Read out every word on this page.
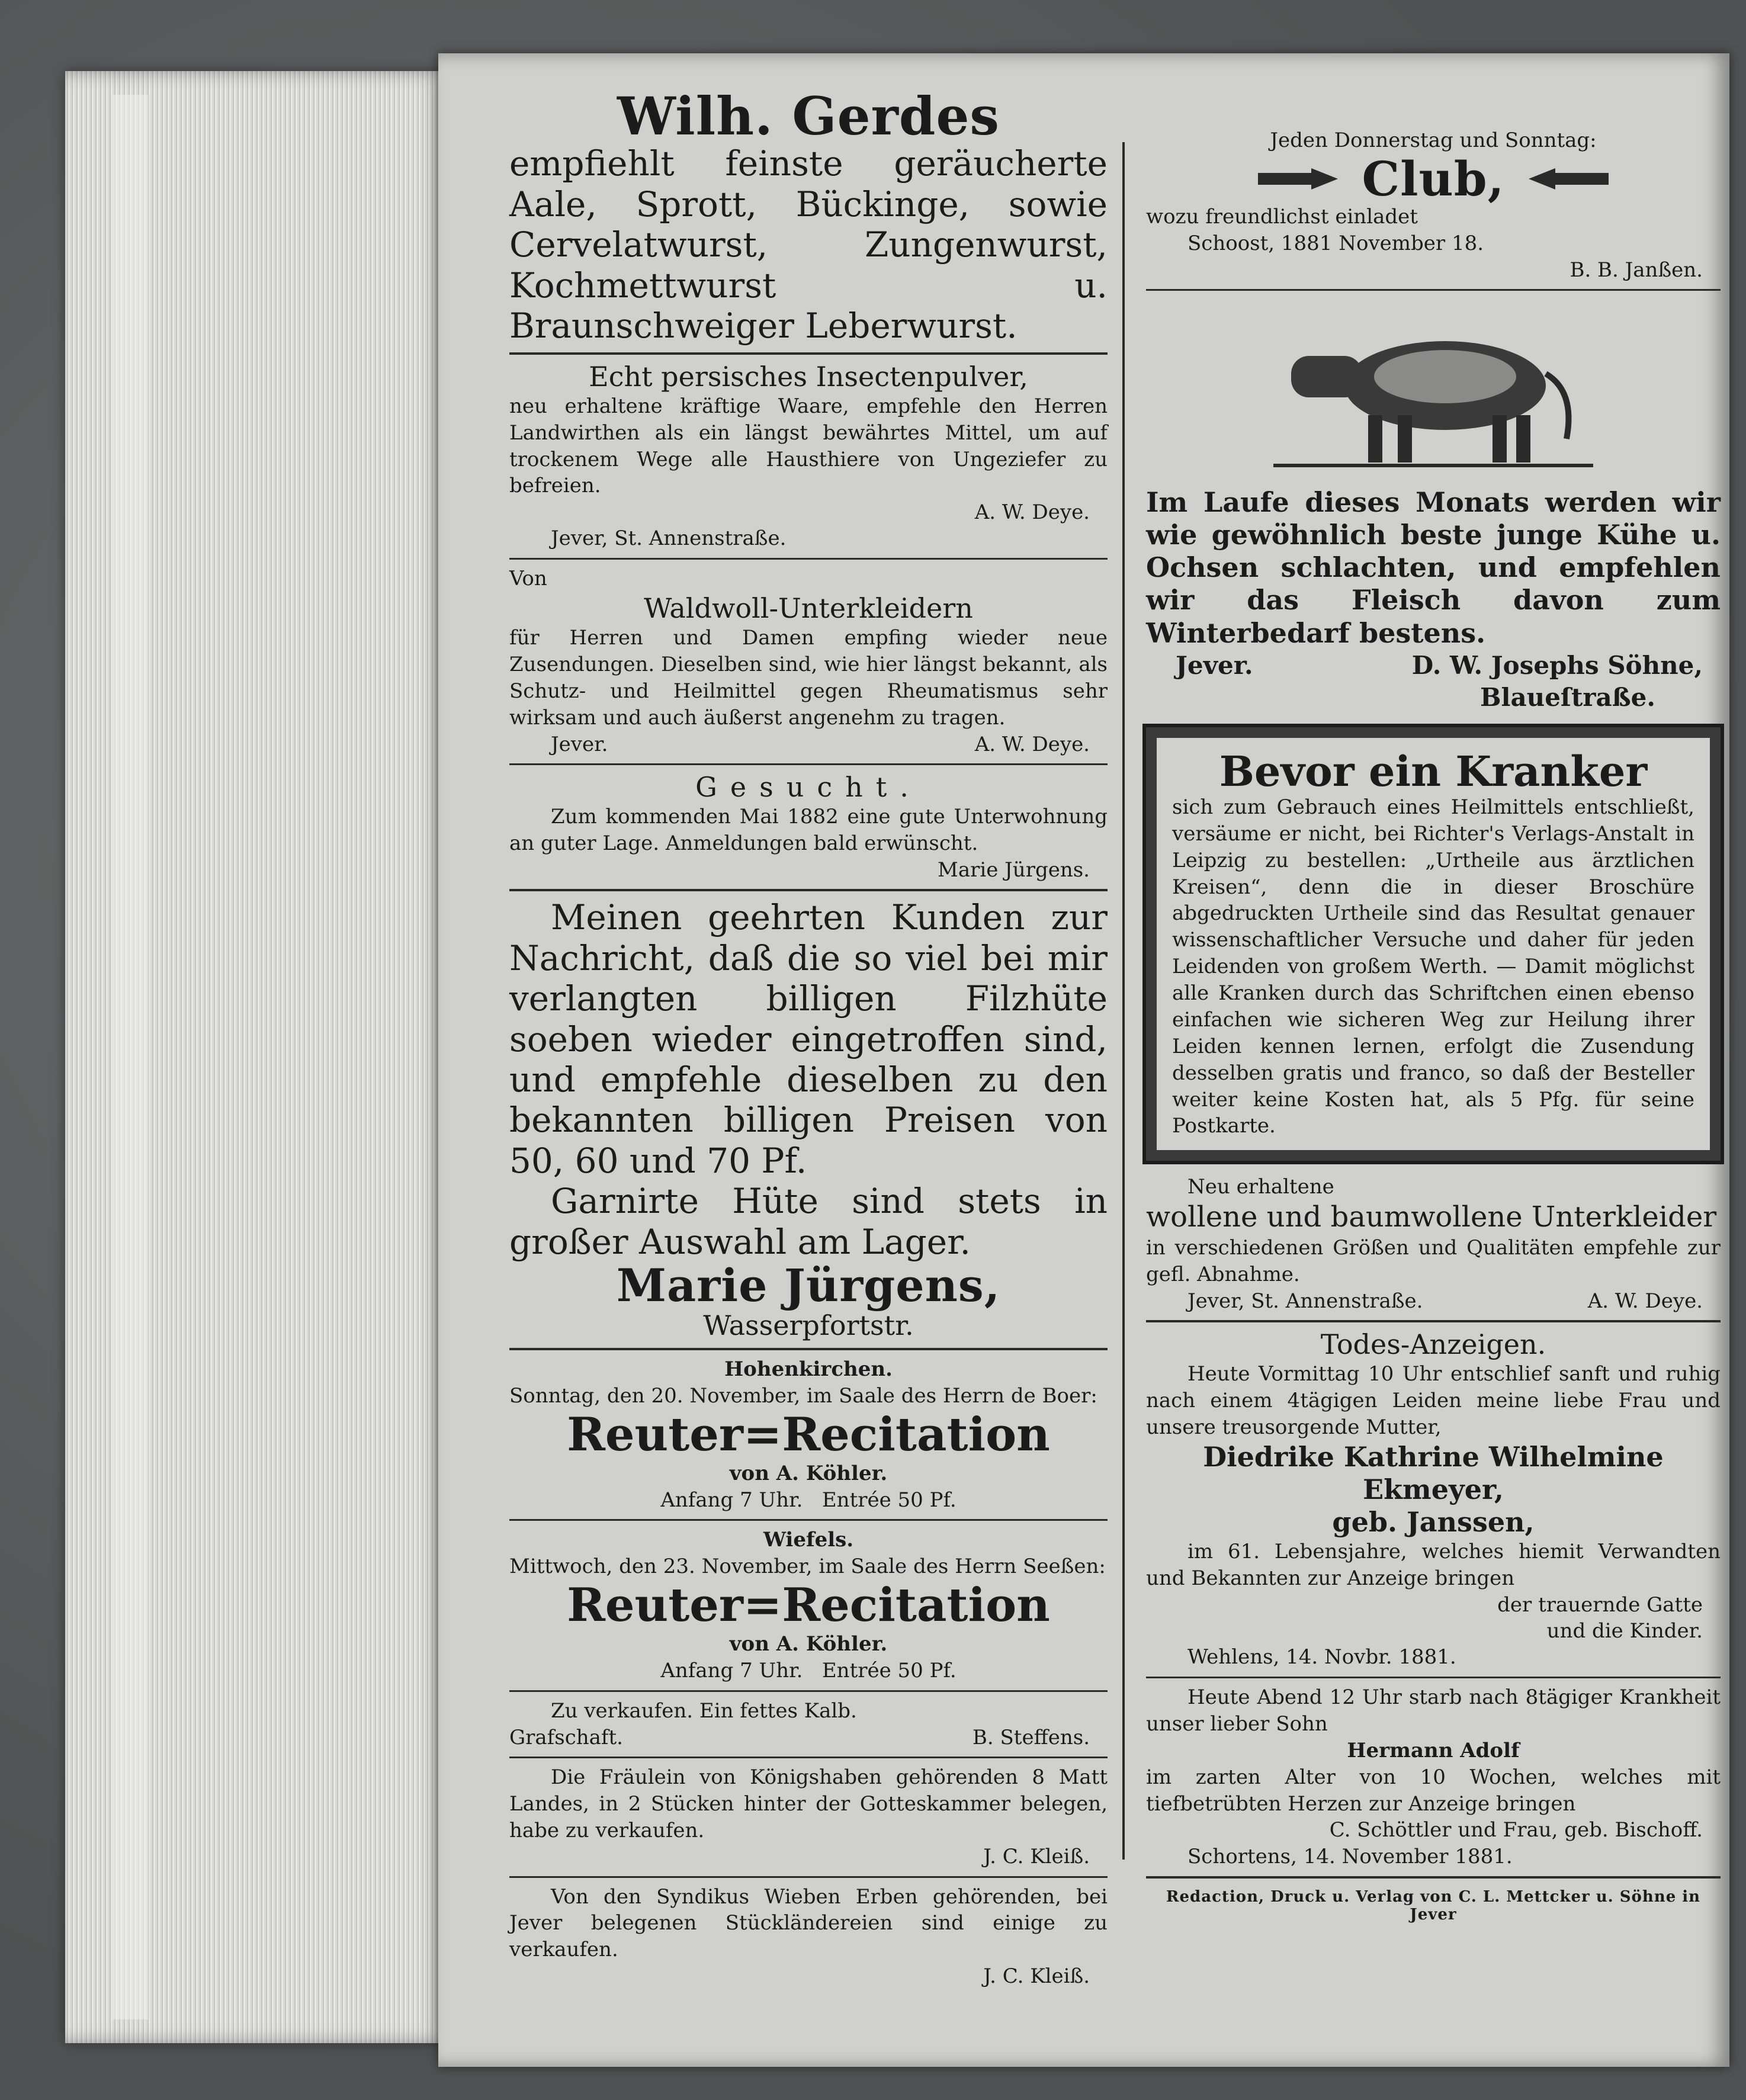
Wilh. Gerdes
empfiehlt feinste geräucherte Aale, Sprott, Bückinge, sowie Cervelatwurst, Zungenwurst, Kochmettwurst u. Braunschweiger Leberwurst.
Echt persisches Insectenpulver,
neu erhaltene kräftige Waare, empfehle den Herren Landwirthen als ein längst bewährtes Mittel, um auf trockenem Wege alle Hausthiere von Ungeziefer zu befreien.
A. W. Deye.
Jever, St. Annenstraße.
Von
Waldwoll-Unterkleidern
für Herren und Damen empfing wieder neue Zusendungen. Dieselben sind, wie hier längst bekannt, als Schutz- und Heilmittel gegen Rheumatismus sehr wirksam und auch äußerst angenehm zu tragen.
Jever.	A. W. Deye.
Gesucht.
Zum kommenden Mai 1882 eine gute Unterwohnung an guter Lage. Anmeldungen bald erwünscht.
Marie Jürgens.
Meinen geehrten Kunden zur Nachricht, daß die so viel bei mir verlangten billigen Filzhüte soeben wieder eingetroffen sind, und empfehle dieselben zu den bekannten billigen Preisen von 50, 60 und 70 Pf.
Garnirte Hüte sind stets in großer Auswahl am Lager.
Marie Jürgens,
Wasserpfortstr.
Hohenkirchen.
Sonntag, den 20. November, im Saale des Herrn de Boer:
Reuter=Recitation
von A. Köhler.
Anfang 7 Uhr. Entrée 50 Pf.
Wiefels.
Mittwoch, den 23. November, im Saale des Herrn Seeßen:
Reuter=Recitation
von A. Köhler.
Anfang 7 Uhr. Entrée 50 Pf.
Zu verkaufen. Ein fettes Kalb.
Grafschaft.	B. Steffens.
Die Fräulein von Königshaben gehörenden 8 Matt Landes, in 2 Stücken hinter der Gotteskammer belegen, habe zu verkaufen.
J. C. Kleiß.
Von den Syndikus Wieben Erben gehörenden, bei Jever belegenen Stückländereien sind einige zu verkaufen.
J. C. Kleiß.
Jeden Donnerstag und Sonntag:
Club,
wozu freundlichst einladet
Schoost, 1881 November 18.
B. B. Janßen.
Im Laufe dieses Monats werden wir wie gewöhnlich beste junge Kühe u. Ochsen schlachten, und empfehlen wir das Fleisch davon zum Winterbedarf bestens.
Jever.	D. W. Josephs Söhne,
Blaueſtraße.
Bevor ein Kranker
sich zum Gebrauch eines Heilmittels entschließt, versäume er nicht, bei Richter's Verlags-Anstalt in Leipzig zu bestellen: „Urtheile aus ärztlichen Kreisen“, denn die in dieser Broschüre abgedruckten Urtheile sind das Resultat genauer wissenschaftlicher Versuche und daher für jeden Leidenden von großem Werth. — Damit möglichst alle Kranken durch das Schriftchen einen ebenso einfachen wie sicheren Weg zur Heilung ihrer Leiden kennen lernen, erfolgt die Zusendung desselben gratis und franco, so daß der Besteller weiter keine Kosten hat, als 5 Pfg. für seine Postkarte.
Neu erhaltene
wollene und baumwollene Unterkleider
in verschiedenen Größen und Qualitäten empfehle zur gefl. Abnahme.
Jever, St. Annenstraße.	A. W. Deye.
Todes-Anzeigen.
Heute Vormittag 10 Uhr entschlief sanft und ruhig nach einem 4tägigen Leiden meine liebe Frau und unsere treusorgende Mutter,
Diedrike Kathrine Wilhelmine Ekmeyer,
geb. Janssen,
im 61. Lebensjahre, welches hiemit Verwandten und Bekannten zur Anzeige bringen
der trauernde Gatte
und die Kinder.
Wehlens, 14. Novbr. 1881.
Heute Abend 12 Uhr starb nach 8tägiger Krankheit unser lieber Sohn
Hermann Adolf
im zarten Alter von 10 Wochen, welches mit tiefbetrübten Herzen zur Anzeige bringen
C. Schöttler und Frau, geb. Bischoff.
Schortens, 14. November 1881.
Redaction, Druck u. Verlag von C. L. Mettcker u. Söhne in Jever
